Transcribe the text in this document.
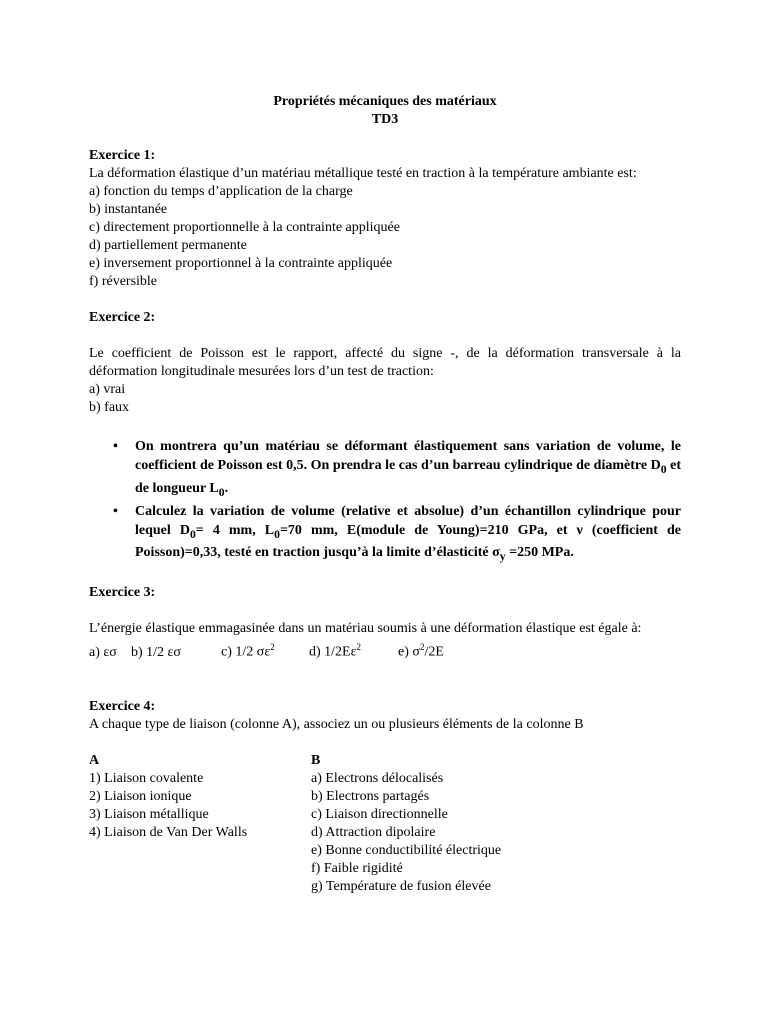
Propriétés mécaniques des matériaux

TD3

Exercice 1:

La déformation élastique d’un matériau métallique testé en traction à la température ambiante est:

a) fonction du temps d’application de la charge

b) instantanée

c) directement proportionnelle à la contrainte appliquée

d) partiellement permanente

e) inversement proportionnel à la contrainte appliquée

f) réversible

Exercice 2:

Le coefficient de Poisson est le rapport, affecté du signe -, de la déformation transversale à la déformation longitudinale mesurées lors d’un test de traction:

a) vrai

b) faux

• On montrera qu’un matériau se déformant élastiquement sans variation de volume, le coefficient de Poisson est 0,5. On prendra le cas d’un barreau cylindrique de diamètre $D_0$ et de longueur $L_0$.
• Calculez la variation de volume (relative et absolue) d’un échantillon cylindrique pour lequel $D_0= 4$ mm, $L_0=70$ mm, E(module de Young)=210 GPa, et ν (coefficient de Poisson)=0,33, testé en traction jusqu’à la limite d’élasticité $\sigma_y =250$ MPa.

Exercice 3:

L’énergie élastique emmagasinée dans un matériau soumis à une déformation élastique est égale à:

a) εσ b) 1/2 εσ	c) 1/2 $\sigma\varepsilon^2$ d) $1/2E\varepsilon^2$	e) $\sigma^2/2E$

Exercice 4:

A chaque type de liaison (colonne A), associez un ou plusieurs éléments de la colonne B

A

1) Liaison covalente

2) Liaison ionique

3) Liaison métallique

4) Liaison de Van Der Walls

B

a) Electrons délocalisés

b) Electrons partagés

c) Liaison directionnelle

d) Attraction dipolaire

e) Bonne conductibilité électrique

f) Faible rigidité

g) Température de fusion élevée
